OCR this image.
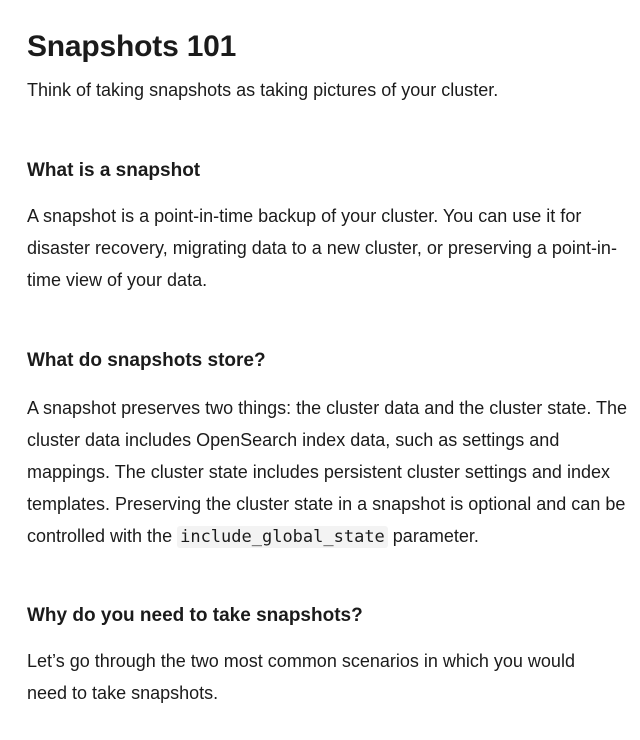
Snapshots 101

Think of taking snapshots as taking pictures of your cluster.

What is a snapshot

A snapshot is a point-in-time backup of your cluster. You can use it for disaster recovery, migrating data to a new cluster, or preserving a point-in-time view of your data.

What do snapshots store?

A snapshot preserves two things: the cluster data and the cluster state. The cluster data includes OpenSearch index data, such as settings and mappings. The cluster state includes persistent cluster settings and index templates. Preserving the cluster state in a snapshot is optional and can be controlled with the include_global_state parameter.

Why do you need to take snapshots?

Let’s go through the two most common scenarios in which you would need to take snapshots.
